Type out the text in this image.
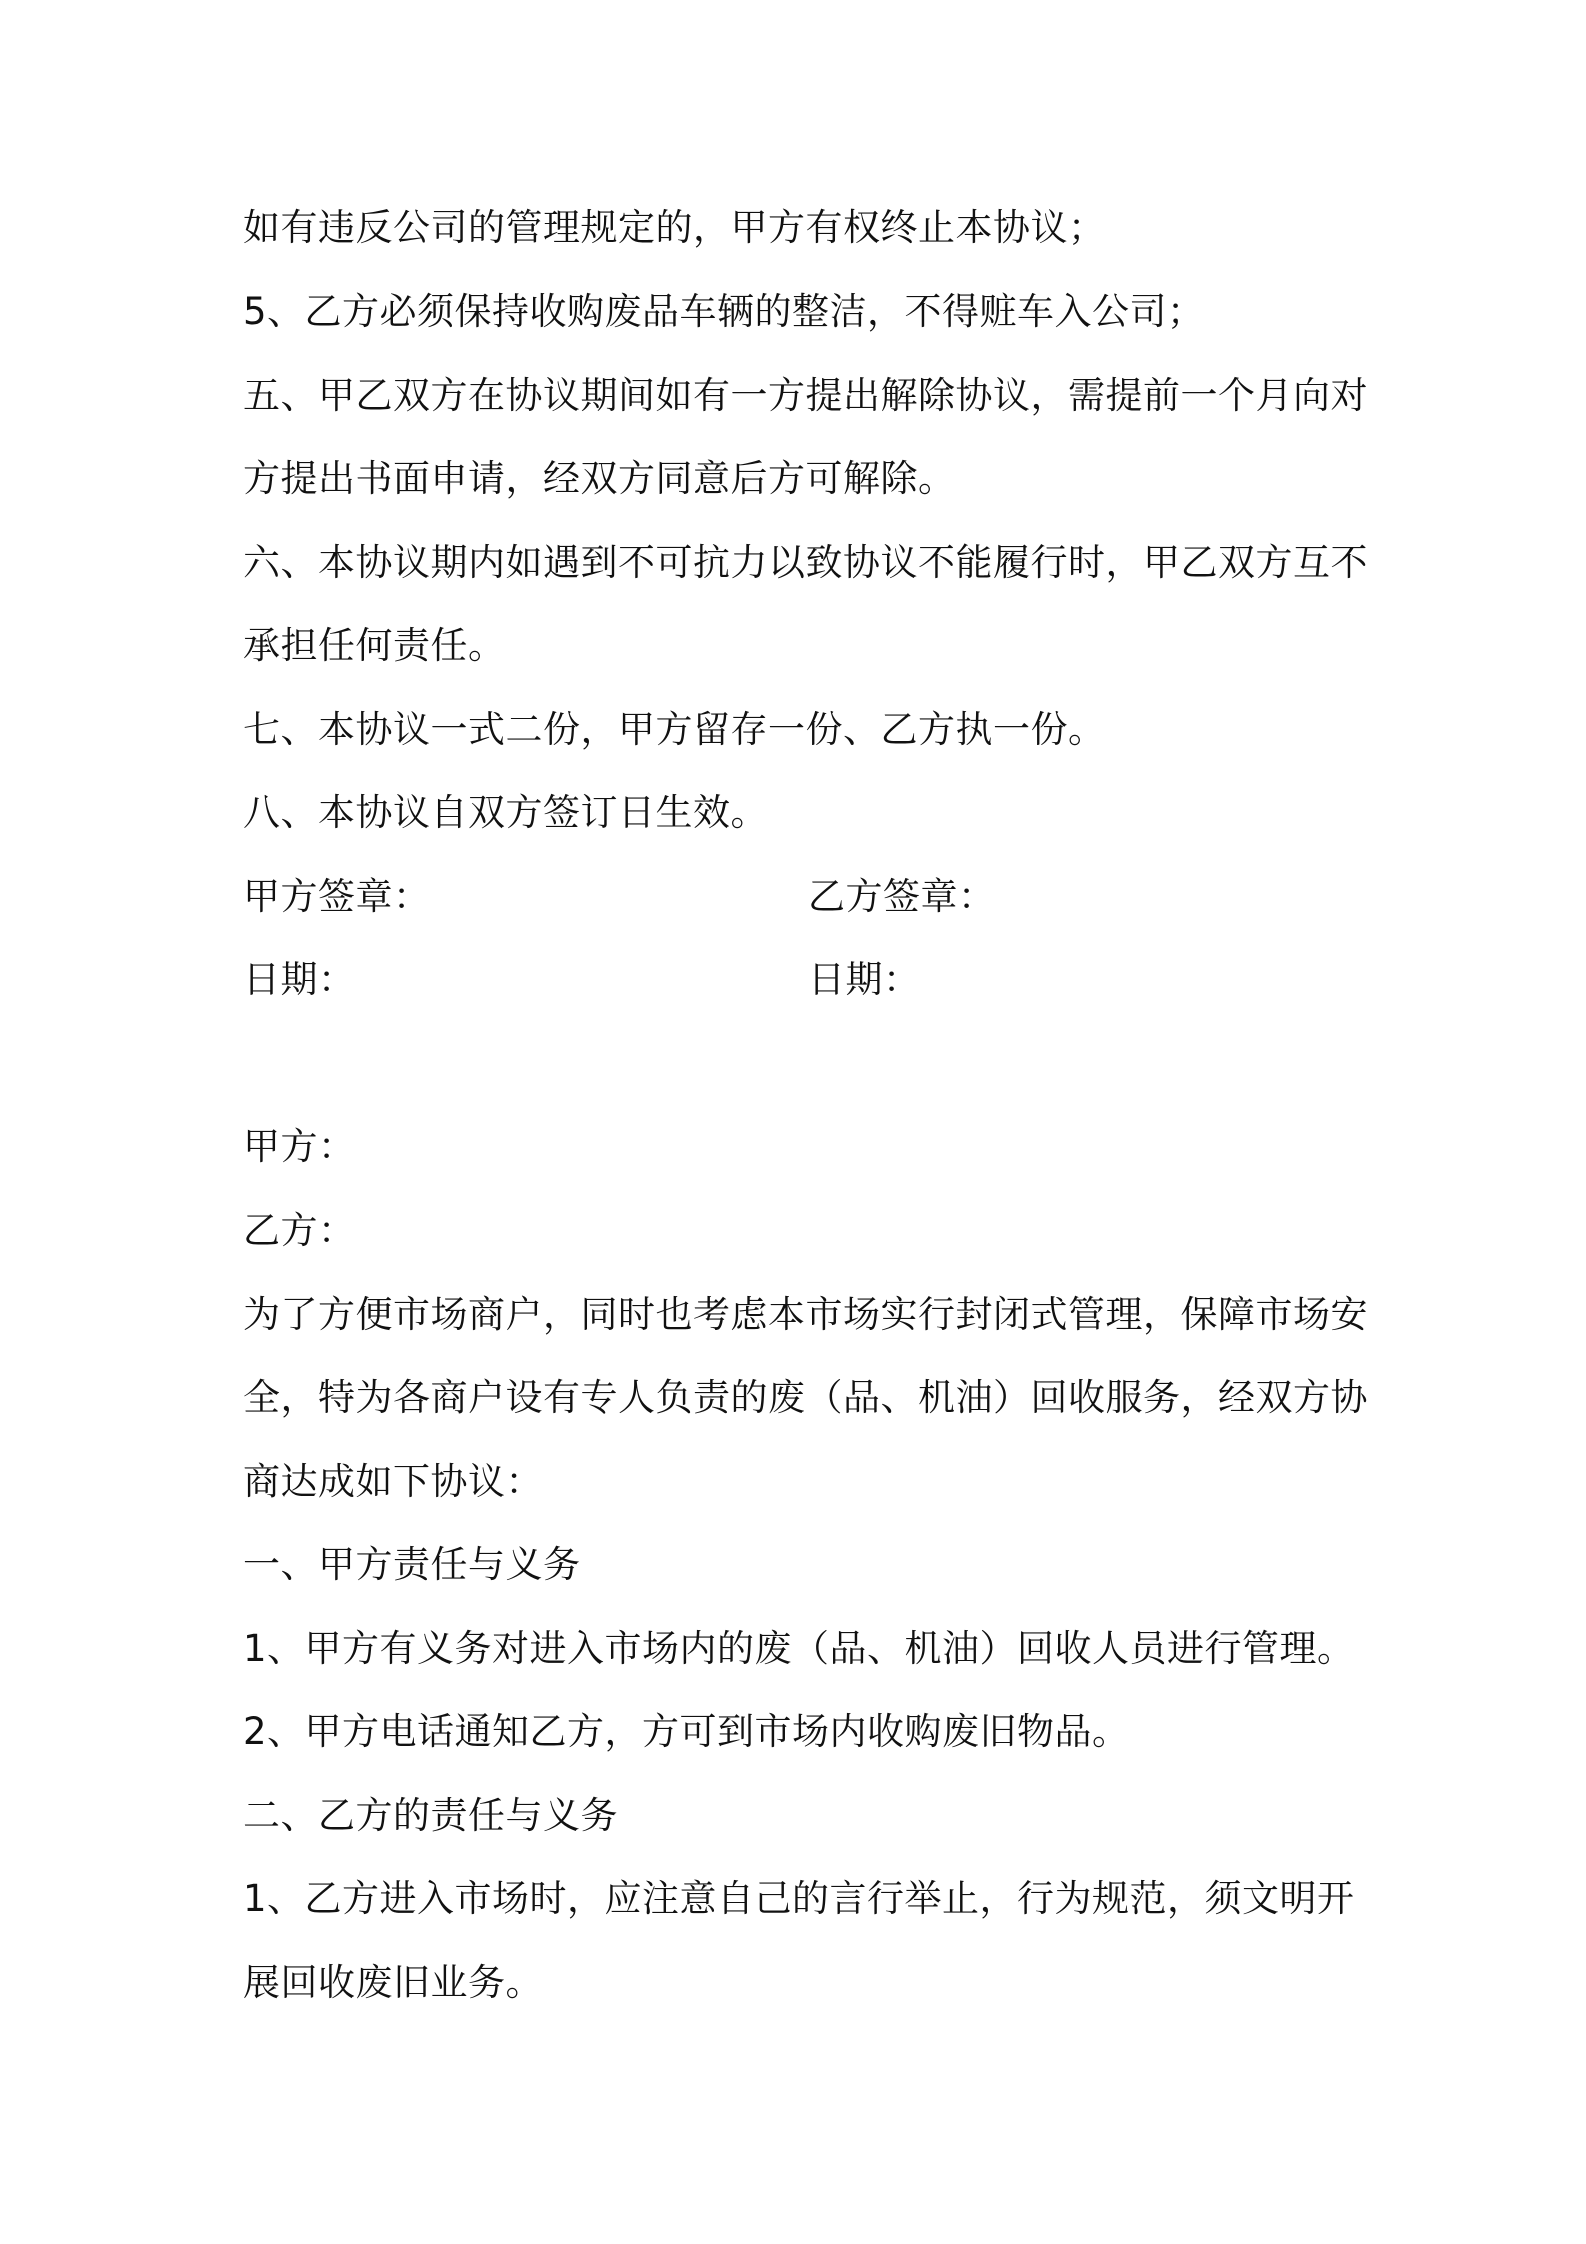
如有违反公司的管理规定的，甲方有权终止本协议；
5、乙方必须保持收购废品车辆的整洁，不得赃车入公司；
五、甲乙双方在协议期间如有一方提出解除协议，需提前一个月向对
方提出书面申请，经双方同意后方可解除。
六、本协议期内如遇到不可抗力以致协议不能履行时，甲乙双方互不
承担任何责任。
七、本协议一式二份，甲方留存一份、乙方执一份。
八、本协议自双方签订日生效。
甲方签章：	乙方签章：
日期：	日期：
甲方：
乙方：
为了方便市场商户，同时也考虑本市场实行封闭式管理，保障市场安
全，特为各商户设有专人负责的废（品、机油）回收服务，经双方协
商达成如下协议：
一、甲方责任与义务
1、甲方有义务对进入市场内的废（品、机油）回收人员进行管理。
2、甲方电话通知乙方，方可到市场内收购废旧物品。
二、乙方的责任与义务
1、乙方进入市场时，应注意自己的言行举止，行为规范，须文明开
展回收废旧业务。
